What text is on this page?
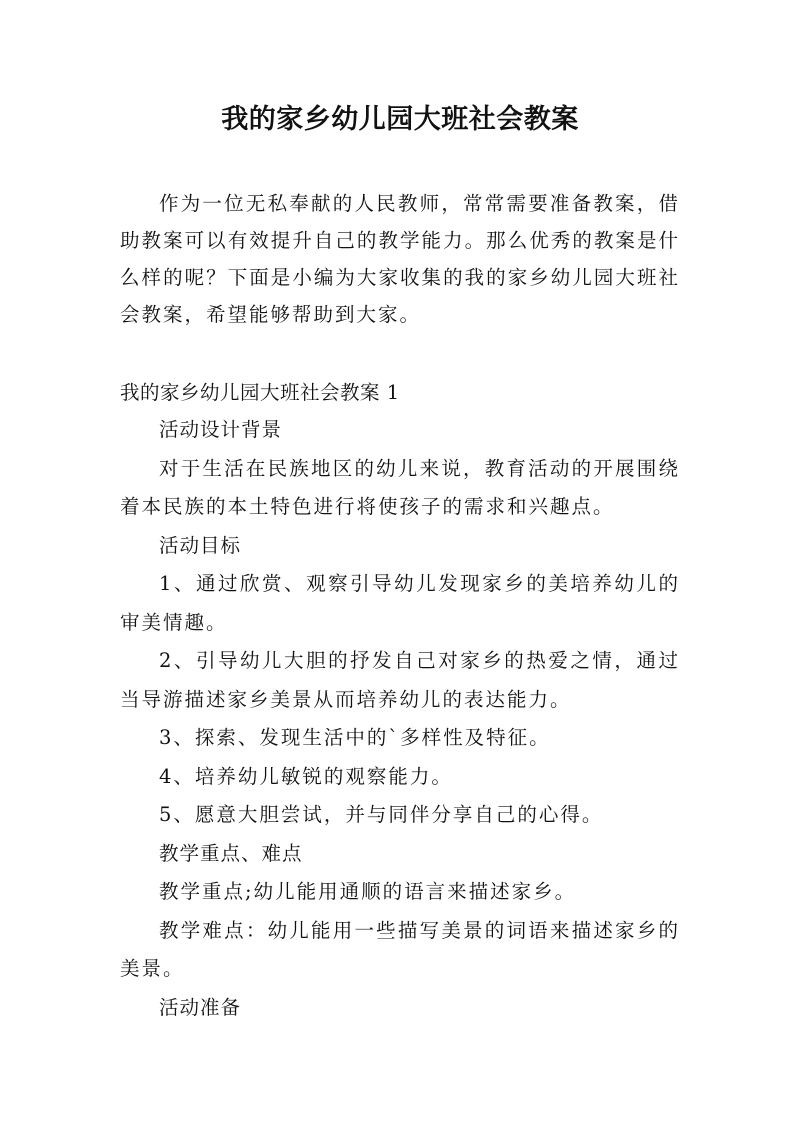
我的家乡幼儿园大班社会教案

作为一位无私奉献的人民教师，常常需要准备教案，借助教案可以有效提升自己的教学能力。那么优秀的教案是什么样的呢？下面是小编为大家收集的我的家乡幼儿园大班社会教案，希望能够帮助到大家。

我的家乡幼儿园大班社会教案 1

活动设计背景

对于生活在民族地区的幼儿来说，教育活动的开展围绕着本民族的本土特色进行将使孩子的需求和兴趣点。

活动目标

1、通过欣赏、观察引导幼儿发现家乡的美培养幼儿的审美情趣。

2、引导幼儿大胆的抒发自己对家乡的热爱之情，通过当导游描述家乡美景从而培养幼儿的表达能力。

3、探索、发现生活中的`多样性及特征。

4、培养幼儿敏锐的观察能力。

5、愿意大胆尝试，并与同伴分享自己的心得。

教学重点、难点

教学重点;幼儿能用通顺的语言来描述家乡。

教学难点：幼儿能用一些描写美景的词语来描述家乡的美景。

活动准备
